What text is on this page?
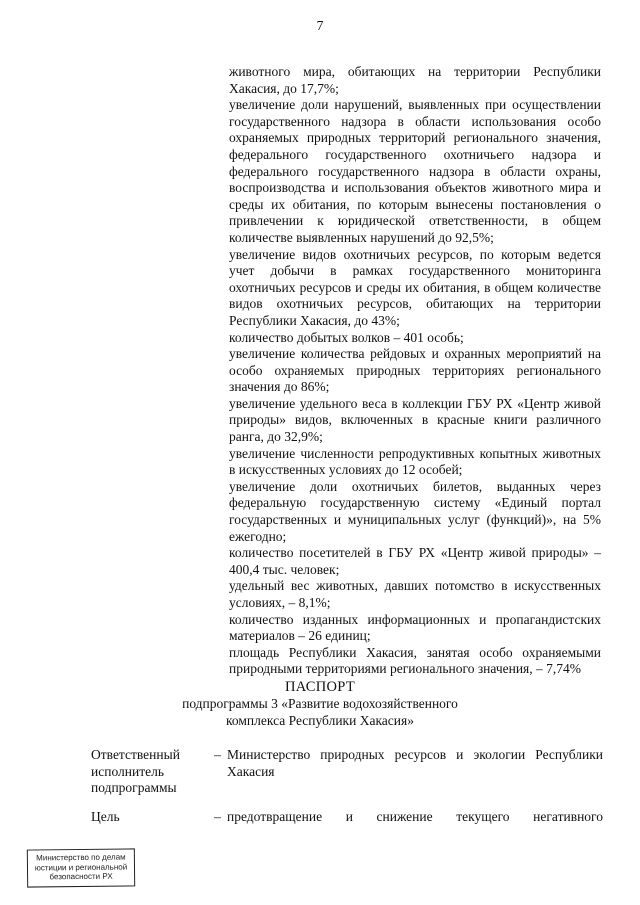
7
животного мира, обитающих на территории Республики Хакасия, до 17,7%;
увеличение доли нарушений, выявленных при осуществлении государственного надзора в области использования особо охраняемых природных территорий регионального значения, федерального государственного охотничьего надзора и федерального государственного надзора в области охраны, воспроизводства и использования объектов животного мира и среды их обитания, по которым вынесены постановления о привлечении к юридической ответственности, в общем количестве выявленных нарушений до 92,5%;
увеличение видов охотничьих ресурсов, по которым ведется учет добычи в рамках государственного мониторинга охотничьих ресурсов и среды их обитания, в общем количестве видов охотничьих ресурсов, обитающих на территории Республики Хакасия, до 43%;
количество добытых волков – 401 особь;
увеличение количества рейдовых и охранных мероприятий на особо охраняемых природных территориях регионального значения до 86%;
увеличение удельного веса в коллекции ГБУ РХ «Центр живой природы» видов, включенных в красные книги различного ранга, до 32,9%;
увеличение численности репродуктивных копытных животных в искусственных условиях до 12 особей;
увеличение доли охотничьих билетов, выданных через федеральную государственную систему «Единый портал государственных и муниципальных услуг (функций)», на 5% ежегодно;
количество посетителей в ГБУ РХ «Центр живой природы» – 400,4 тыс. человек;
удельный вес животных, давших потомство в искусственных условиях, – 8,1%;
количество изданных информационных и пропагандистских материалов – 26 единиц;
площадь Республики Хакасия, занятая особо охраняемыми природными территориями регионального значения, – 7,74%
ПАСПОРТ
подпрограммы 3 «Развитие водохозяйственного комплекса Республики Хакасия»
Ответственный исполнитель подпрограммы
– Министерство природных ресурсов и экологии Республики Хакасия
Цель	– предотвращение и снижение текущего негативного
Министерство по делам юстиции и региональной безопасности РХ
